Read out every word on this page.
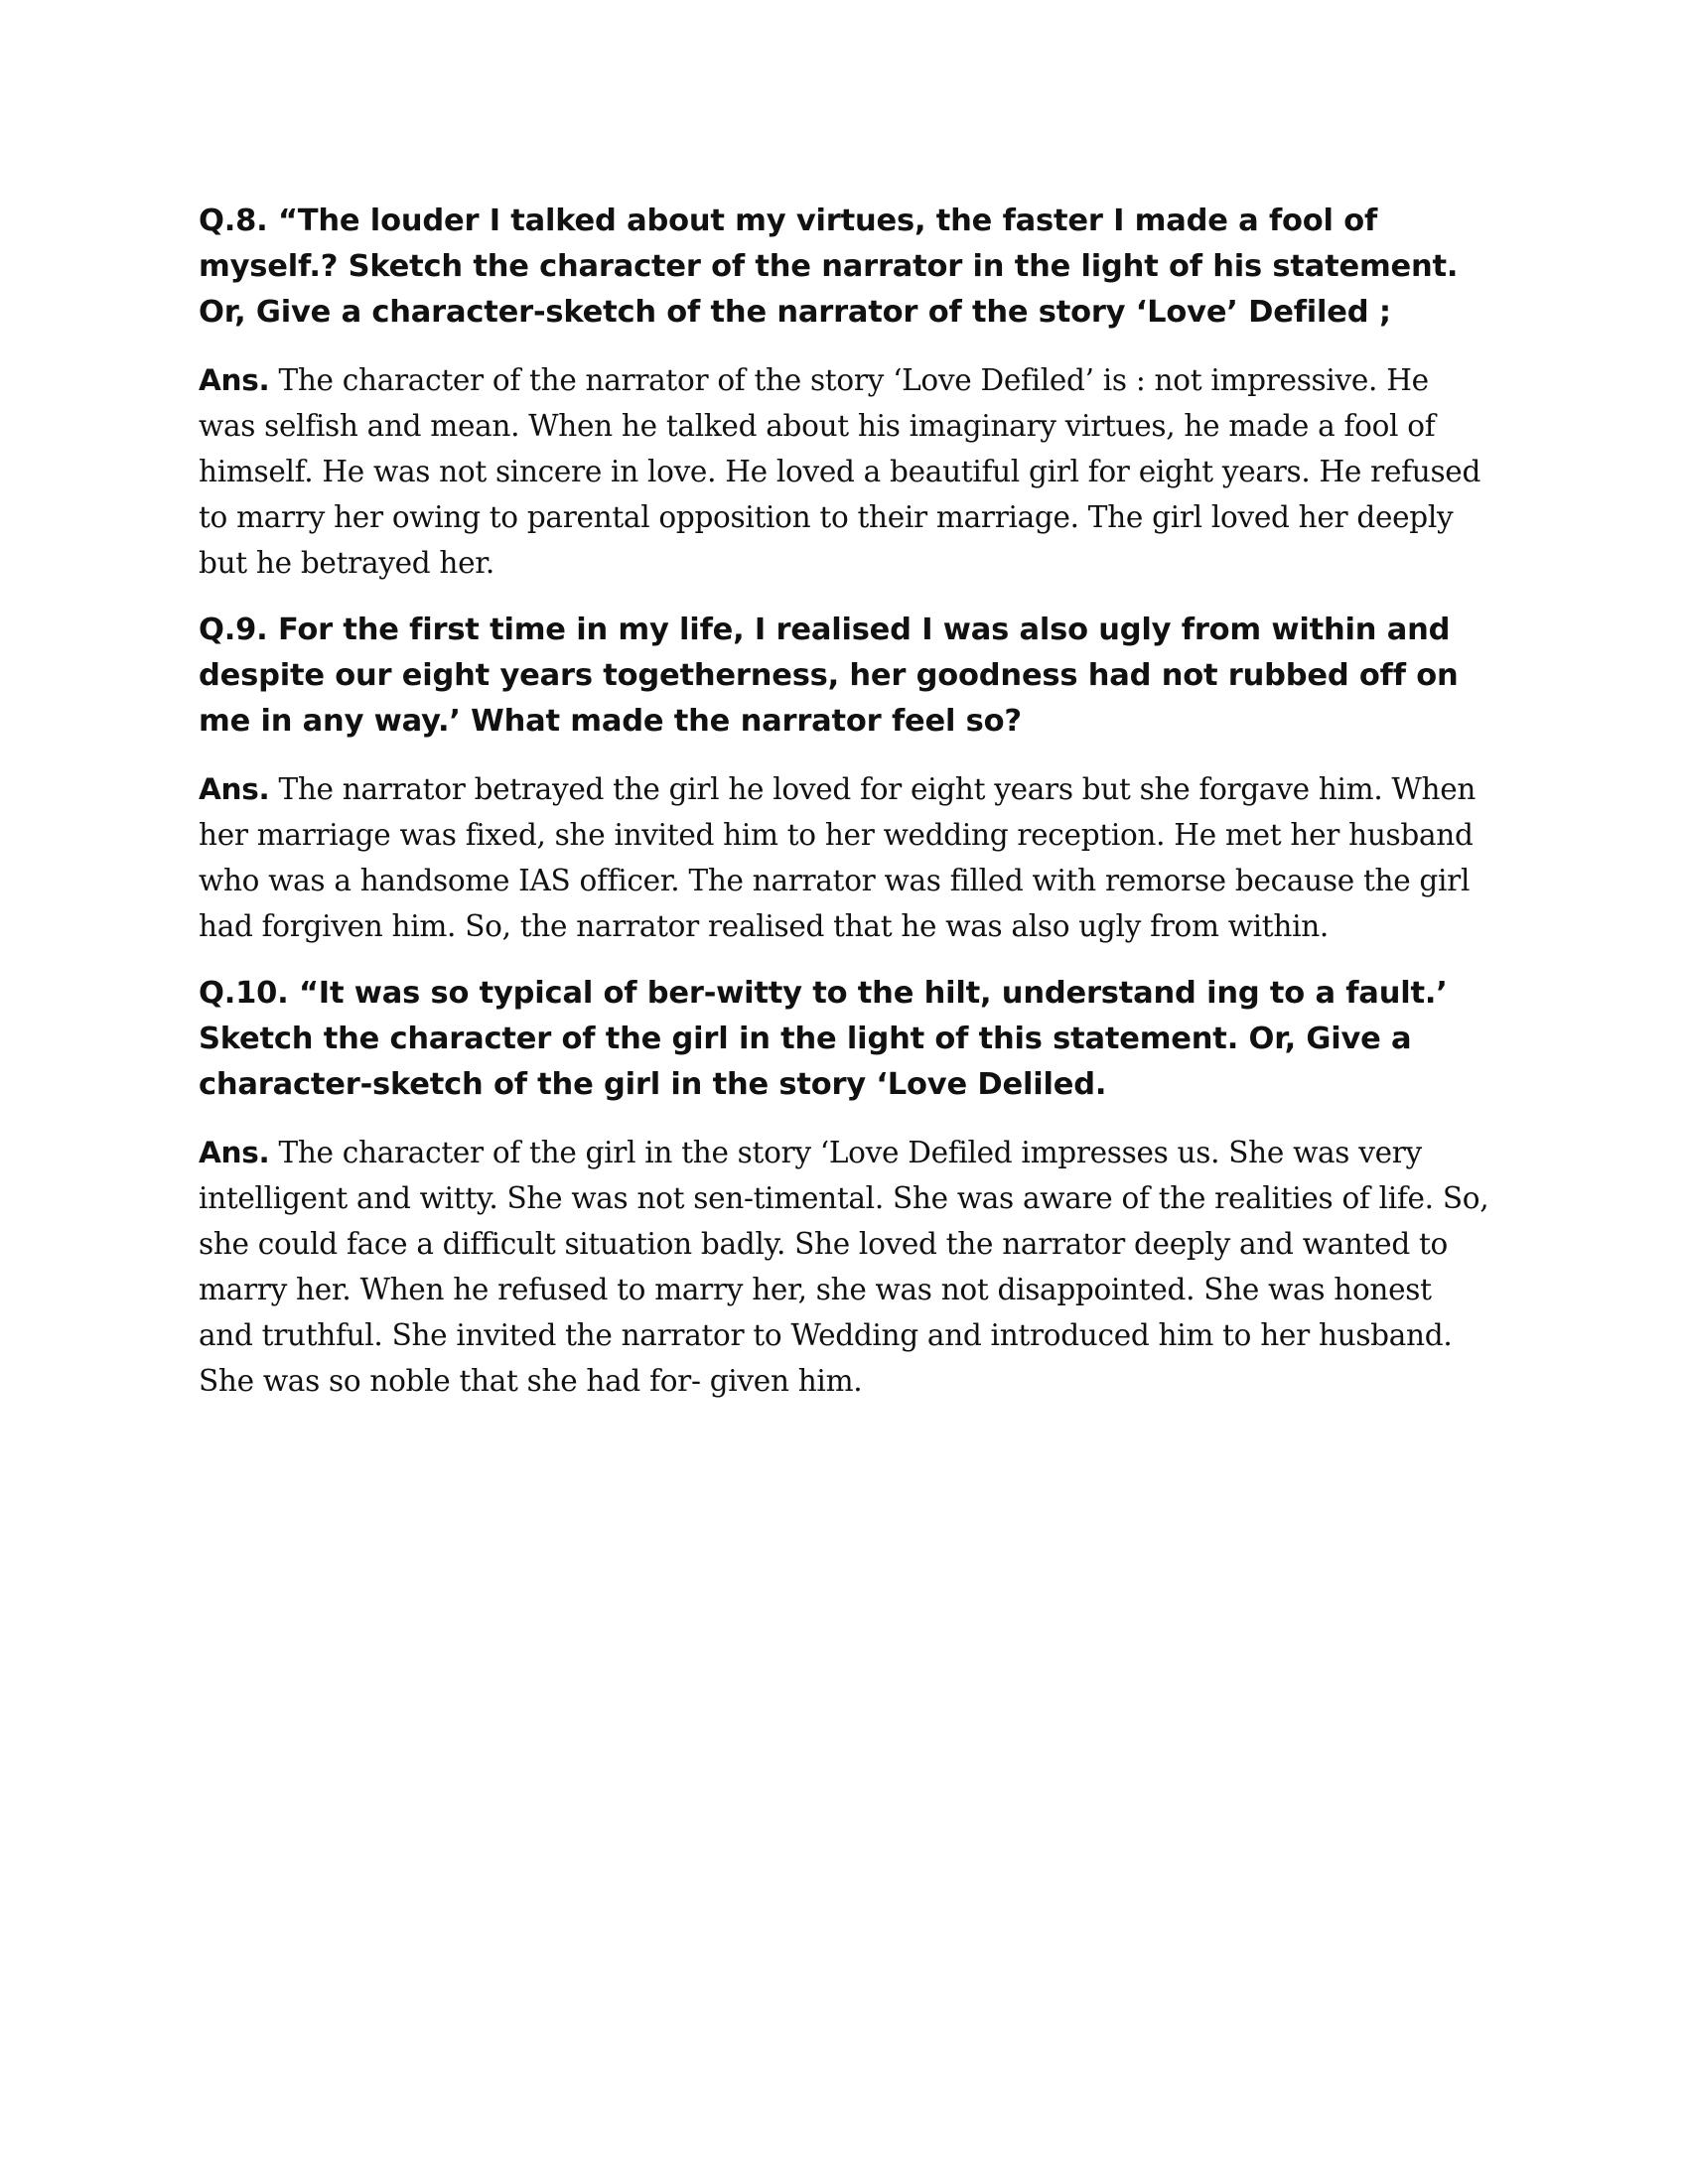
Q.8. “The louder I talked about my virtues, the faster I made a fool of myself.? Sketch the character of the narrator in the light of his statement. Or, Give a character-sketch of the narrator of the story ‘Love’ Defiled ;

Ans. The character of the narrator of the story ‘Love Defiled’ is : not impressive. He was selfish and mean. When he talked about his imaginary virtues, he made a fool of himself. He was not sincere in love. He loved a beautiful girl for eight years. He refused to marry her owing to parental opposition to their marriage. The girl loved her deeply but he betrayed her.

Q.9. For the first time in my life, I realised I was also ugly from within and despite our eight years togetherness, her goodness had not rubbed off on me in any way.’ What made the narrator feel so?

Ans. The narrator betrayed the girl he loved for eight years but she forgave him. When her marriage was fixed, she invited him to her wedding reception. He met her husband who was a handsome IAS officer. The narrator was filled with remorse because the girl had forgiven him. So, the narrator realised that he was also ugly from within.

Q.10. “It was so typical of ber-witty to the hilt, understand ing to a fault.’ Sketch the character of the girl in the light of this statement. Or, Give a character-sketch of the girl in the story ‘Love Deliled.

Ans. The character of the girl in the story ‘Love Defiled impresses us. She was very intelligent and witty. She was not sen-timental. She was aware of the realities of life. So, she could face a difficult situation badly. She loved the narrator deeply and wanted to marry her. When he refused to marry her, she was not disappointed. She was honest and truthful. She invited the narrator to Wedding and introduced him to her husband. She was so noble that she had for- given him.
